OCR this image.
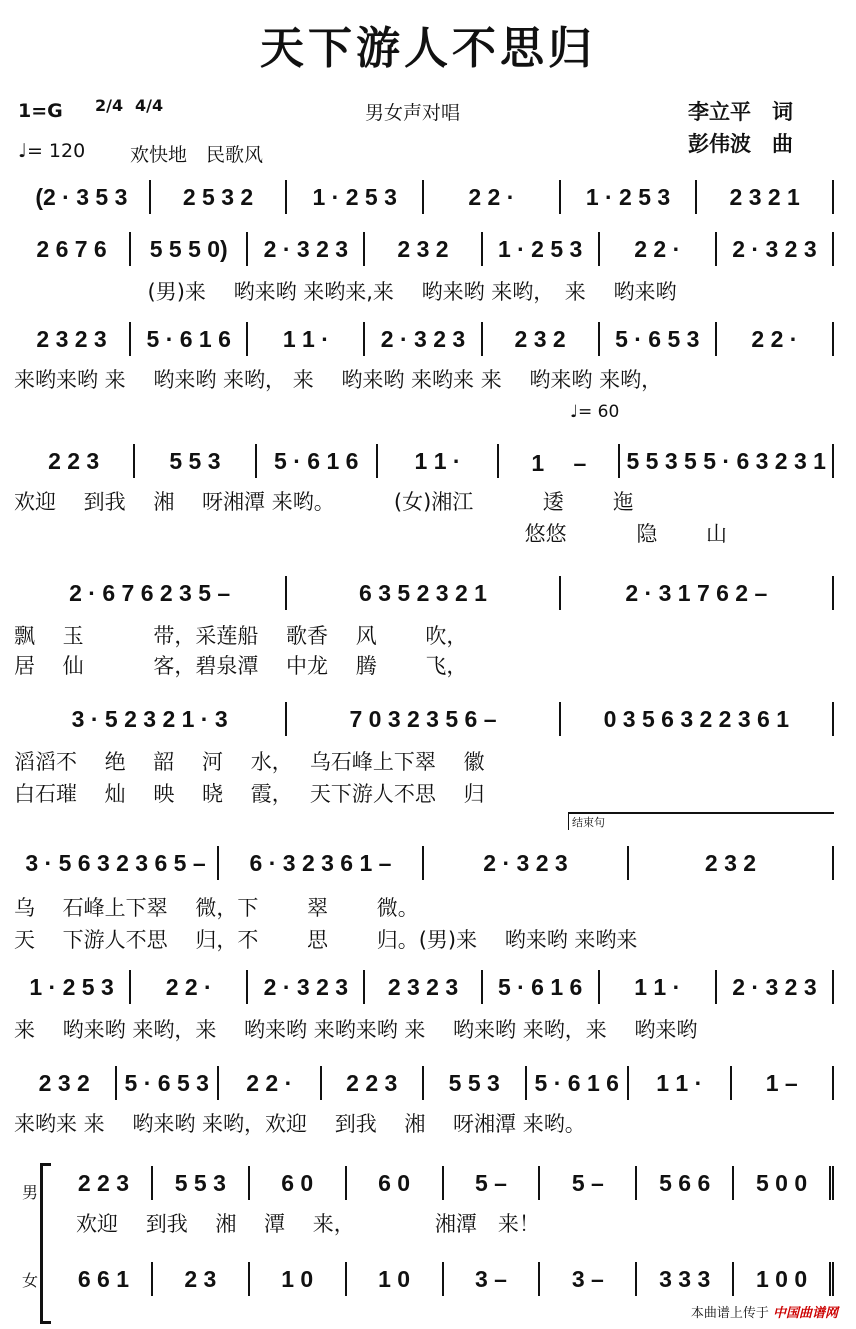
天下游人不思归
1=G 2/4 4/4
♩= 120 欢快地　民歌风
男女声对唱	李立平　词
彭伟波　曲
♩= 60
结束句
男
女
本曲谱上传于 中国曲谱网
(2 · 3 5 3	2 5 3 2	1 · 2 5 3	2 2 ·	1 · 2 5 3	2 3 2 1
2 6 7 6	5 5 5 0)	2 · 3 2 3	2 3 2	1 · 2 5 3	2 2 ·	2 · 3 2 3
(男)来　 哟来哟 来哟来,来　 哟来哟 来哟，　来　 哟来哟
2 3 2 3	5 · 6 1 6	1 1 ·	2 · 3 2 3	2 3 2	5 · 6 5 3	2 2 ·
来哟来哟 来　 哟来哟 来哟， 来　 哟来哟 来哟来 来　 哟来哟 来哟，
2 2 3	5 5 3	5 · 6 1 6	1 1 ·	1　 –	5 5 3 5 5 · 6 3 2 3 1
欢迎　 到我　 湘　 呀湘潭 来哟。　　　 (女)湘江　　　 逶　　 迤
　　　　　　　　　　　　　　　　　　　　　　　　 悠悠　　　 隐　　 山
2 · 6 7 6 2 3 5 –	6 3 5 2 3 2 1	2 · 3 1 7 6 2 –
飘　 玉　　　 带，采莲船　 歌香　 风　　 吹，
居　 仙　　　 客，碧泉潭　 中龙　 腾　　 飞，
3 · 5 2 3 2 1 · 3	7 0 3 2 3 5 6 –	0 3 5 6 3 2 2 3 6 1
滔滔不　 绝　 韶　 河　 水，　 乌石峰上下翠　 徽
白石璀　 灿　 映　 晓　 霞，　 天下游人不思　 归
3 · 5 6 3 2 3 6 5 –	6 · 3 2 3 6 1 –	2 · 3 2 3	2 3 2
乌　 石峰上下翠　 微，下　　 翠　　 微。
天　 下游人不思　 归，不　　 思　　 归。(男)来　 哟来哟 来哟来
1 · 2 5 3	2 2 ·	2 · 3 2 3	2 3 2 3	5 · 6 1 6	1 1 ·	2 · 3 2 3
来　 哟来哟 来哟，来　 哟来哟 来哟来哟 来　 哟来哟 来哟，来　 哟来哟
2 3 2	5 · 6 5 3	2 2 ·	2 2 3	5 5 3	5 · 6 1 6	1 1 ·	1 –
来哟来 来　 哟来哟 来哟，欢迎　 到我　 湘　 呀湘潭 来哟。
2 2 3	5 5 3	6 0	6 0	5 –	5 –	5 6 6	5 0 0
欢迎　 到我　 湘　 潭　 来，　　　　 湘潭　来！
6 6 1	2 3	1 0	1 0	3 –	3 –	3 3 3	1 0 0
